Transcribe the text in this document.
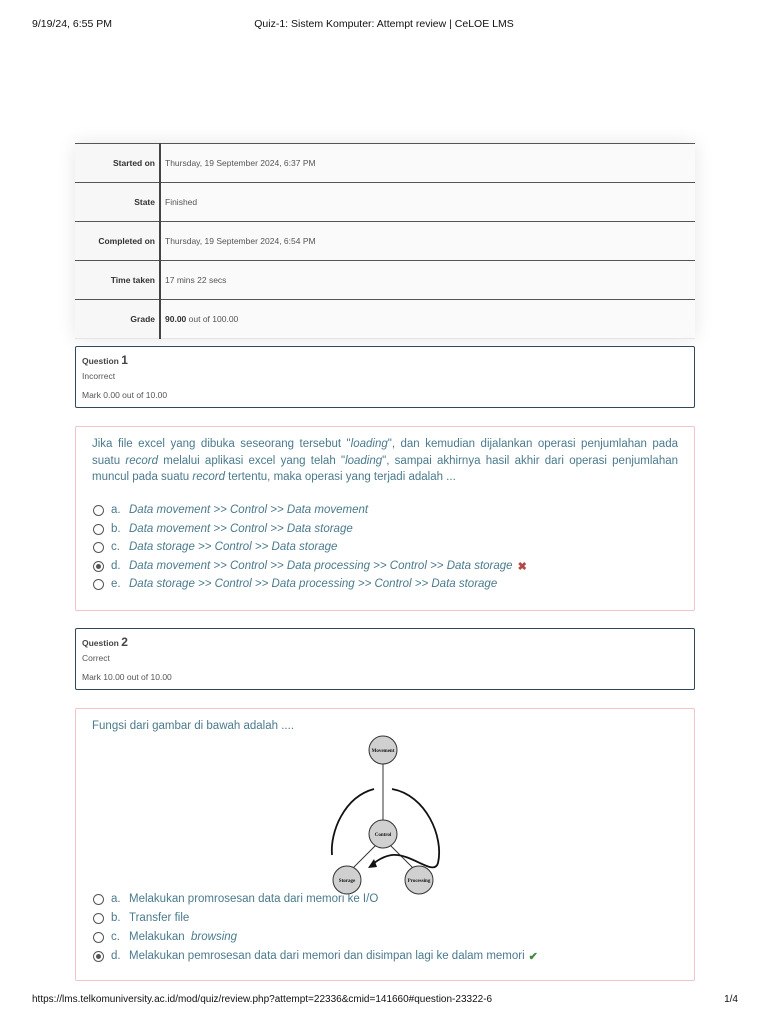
9/19/24, 6:55 PM	Quiz-1: Sistem Komputer: Attempt review | CeLOE LMS
Started on	Thursday, 19 September 2024, 6:37 PM
State	Finished
Completed on	Thursday, 19 September 2024, 6:54 PM
Time taken	17 mins 22 secs
Grade	90.00 out of 100.00
Question 1
Incorrect
Mark 0.00 out of 10.00
Jika file excel yang dibuka seseorang tersebut "loading", dan kemudian dijalankan operasi penjumlahan pada suatu record melalui aplikasi excel yang telah "loading", sampai akhirnya hasil akhir dari operasi penjumlahan muncul pada suatu record tertentu, maka operasi yang terjadi adalah ...
a. Data movement >> Control >> Data movement
b. Data movement >> Control >> Data storage
c. Data storage >> Control >> Data storage
d. Data movement >> Control >> Data processing >> Control >> Data storage ✖
e. Data storage >> Control >> Data processing >> Control >> Data storage
Question 2
Correct
Mark 10.00 out of 10.00
Fungsi dari gambar di bawah adalah ....
Movement
Control
Storage	Processing
a. Melakukan promrosesan data dari memori ke I/O
b. Transfer file
c. Melakukan  browsing
d. Melakukan pemrosesan data dari memori dan disimpan lagi ke dalam memori ✔
https://lms.telkomuniversity.ac.id/mod/quiz/review.php?attempt=22336&cmid=141660#question-23322-6	1/4
